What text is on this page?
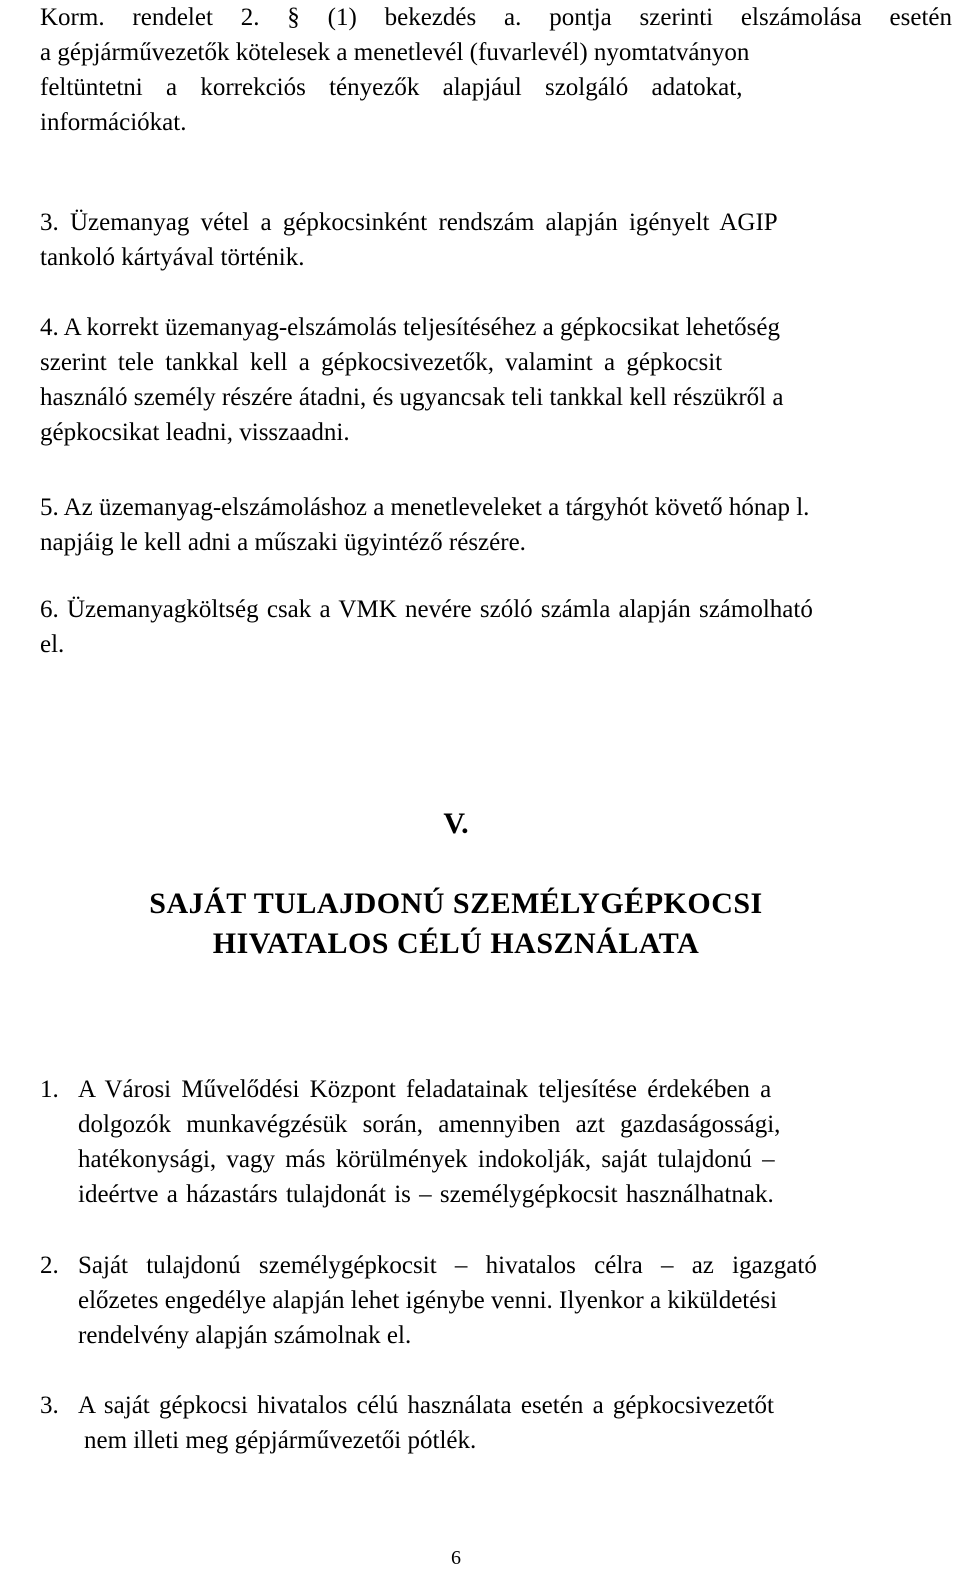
Korm. rendelet 2. § (1) bekezdés a. pontja szerinti elszámolása esetén
a gépjárművezetők kötelesek a menetlevél (fuvarlevél) nyomtatványon
feltüntetni a korrekciós tényezők alapjául szolgáló adatokat,
információkat.
3. Üzemanyag vétel a gépkocsinként rendszám alapján igényelt AGIP
tankoló kártyával történik.
4. A korrekt üzemanyag-elszámolás teljesítéséhez a gépkocsikat lehetőség
szerint tele tankkal kell a gépkocsivezetők, valamint a gépkocsit
használó személy részére átadni, és ugyancsak teli tankkal kell részükről a
gépkocsikat leadni, visszaadni.
5. Az üzemanyag-elszámoláshoz a menetleveleket a tárgyhót követő hónap l.
napjáig le kell adni a műszaki ügyintéző részére.
6. Üzemanyagköltség csak a VMK nevére szóló számla alapján számolható
el.
V.
SAJÁT TULAJDONÚ SZEMÉLYGÉPKOCSI
HIVATALOS CÉLÚ HASZNÁLATA
1. A Városi Művelődési Központ feladatainak teljesítése érdekében a
dolgozók munkavégzésük során, amennyiben azt gazdaságossági,
hatékonysági, vagy más körülmények indokolják, saját tulajdonú –
ideértve a házastárs tulajdonát is – személygépkocsit használhatnak.
2. Saját tulajdonú személygépkocsit – hivatalos célra – az igazgató
előzetes engedélye alapján lehet igénybe venni. Ilyenkor a kiküldetési
rendelvény alapján számolnak el.
3. A saját gépkocsi hivatalos célú használata esetén a gépkocsivezetőt
nem illeti meg gépjárművezetői pótlék.
6
